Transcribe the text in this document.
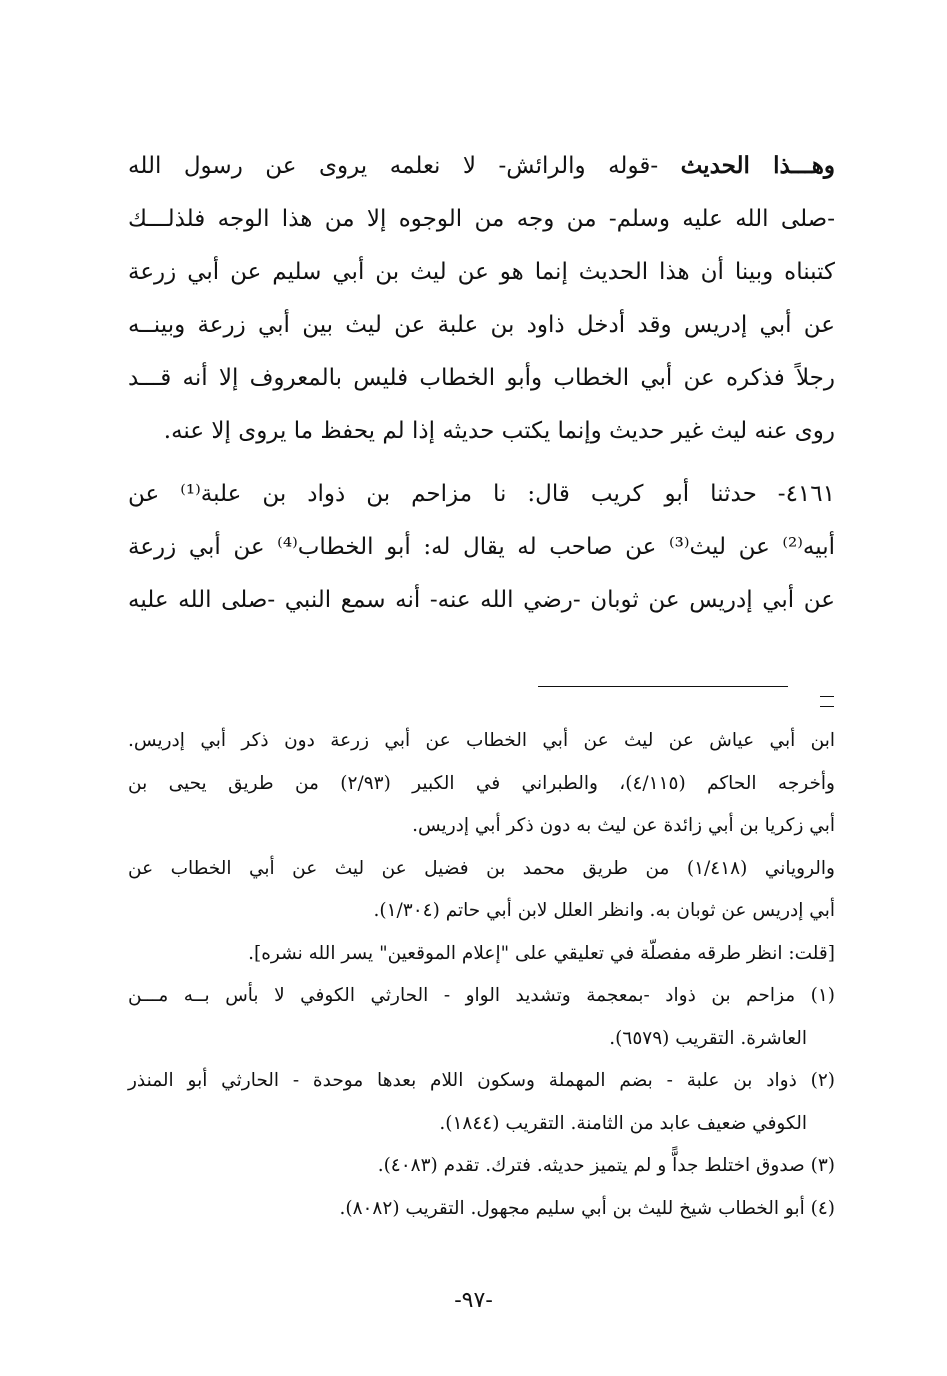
وهـــذا الحديث -قوله والرائش- لا نعلمه يروى عن رسول الله
-صلى الله عليه وسلم- من وجه من الوجوه إلا من هذا الوجه فلذلـــك
كتبناه وبينا أن هذا الحديث إنما هو عن ليث بن أبي سليم عن أبي زرعة
عن أبي إدريس وقد أدخل ذاود بن علبة عن ليث بين أبي زرعة وبينــه
رجلاً فذكره عن أبي الخطاب وأبو الخطاب فليس بالمعروف إلا أنه قـــد
روى عنه ليث غير حديث وإنما يكتب حديثه إذا لم يحفظ ما يروى إلا عنه.
٤١٦١- حدثنا أبو كريب قال: نا مزاحم بن ذواد بن علبة⁽¹⁾ عن
أبيه⁽²⁾ عن ليث⁽³⁾ عن صاحب له يقال له: أبو الخطاب⁽⁴⁾ عن أبي زرعة
عن أبي إدريس عن ثوبان -رضي الله عنه- أنه سمع النبي -صلى الله عليه
ابن أبي عياش عن ليث عن أبي الخطاب عن أبي زرعة دون ذكر أبي إدريس.
وأخرجه الحاكم (٤/١١٥)، والطبراني في الكبير (٢/٩٣) من طريق يحيى بن
أبي زكريا بن أبي زائدة عن ليث به دون ذكر أبي إدريس.
والروياني (١/٤١٨) من طريق محمد بن فضيل عن ليث عن أبي الخطاب عن
أبي إدريس عن ثوبان به. وانظر العلل لابن أبي حاتم (١/٣٠٤).
[قلت: انظر طرقه مفصلّة في تعليقي على "إعلام الموقعين" يسر الله نشره].
(١) مزاحم بن ذواد -بمعجمة وتشديد الواو - الحارثي الكوفي لا بأس بــه مـــن
العاشرة. التقريب (٦٥٧٩).
(٢) ذواد بن علبة - بضم المهملة وسكون اللام بعدها موحدة - الحارثي أبو المنذر
الكوفي ضعيف عابد من الثامنة. التقريب (١٨٤٤).
(٣) صدوق اختلط جداًّ و لم يتميز حديثه. فترك. تقدم (٤٠٨٣).
(٤) أبو الخطاب شيخ لليث بن أبي سليم مجهول. التقريب (٨٠٨٢).
-٩٧-
